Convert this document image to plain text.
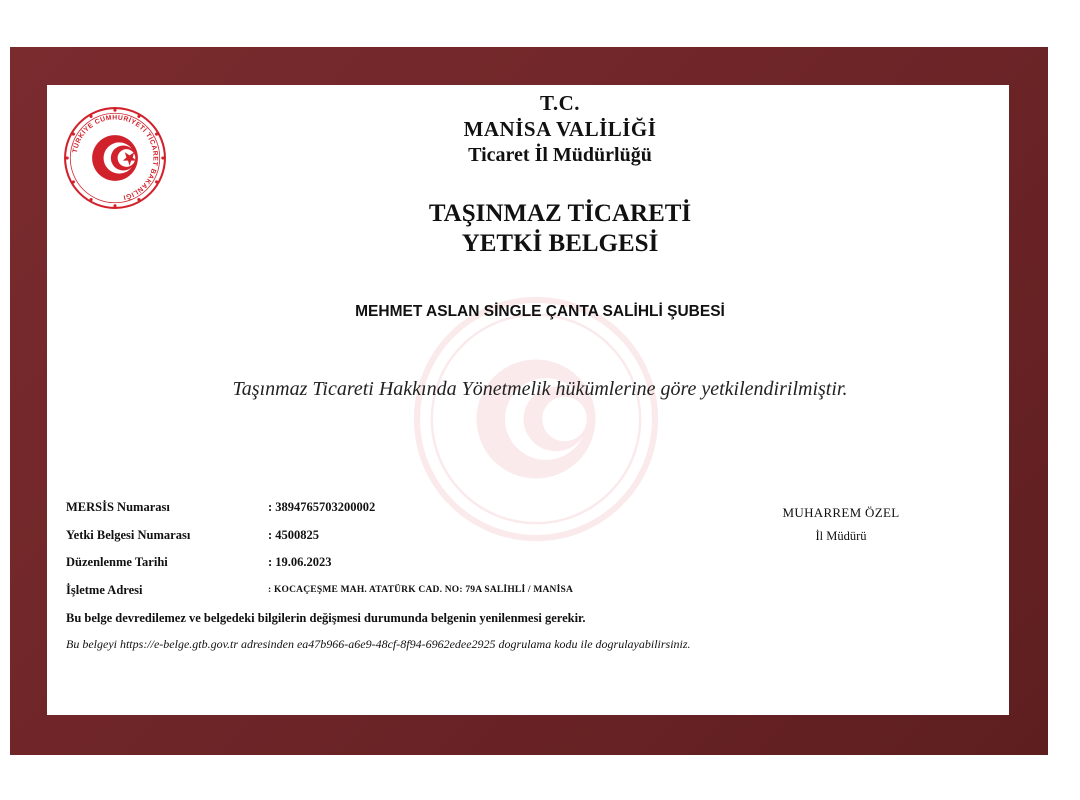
TÜRKİYE CUMHURİYETİ TİCARET BAKANLIĞI
T.C.
MANİSA VALİLİĞİ
Ticaret İl Müdürlüğü
TAŞINMAZ TİCARETİ
YETKİ BELGESİ
MEHMET ASLAN SİNGLE ÇANTA SALİHLİ ŞUBESİ
Taşınmaz Ticareti Hakkında Yönetmelik hükümlerine göre yetkilendirilmiştir.
MERSİS Numarası	: 3894765703200002
Yetki Belgesi Numarası	: 4500825
Düzenlenme Tarihi	: 19.06.2023
İşletme Adresi	: KOCAÇEŞME MAH. ATATÜRK CAD. NO: 79A SALİHLİ / MANİSA
MUHARREM ÖZEL
İl Müdürü
Bu belge devredilemez ve belgedeki bilgilerin değişmesi durumunda belgenin yenilenmesi gerekir.
Bu belgeyi https://e-belge.gtb.gov.tr adresinden ea47b966-a6e9-48cf-8f94-6962edee2925 dogrulama kodu ile dogrulayabilirsiniz.
